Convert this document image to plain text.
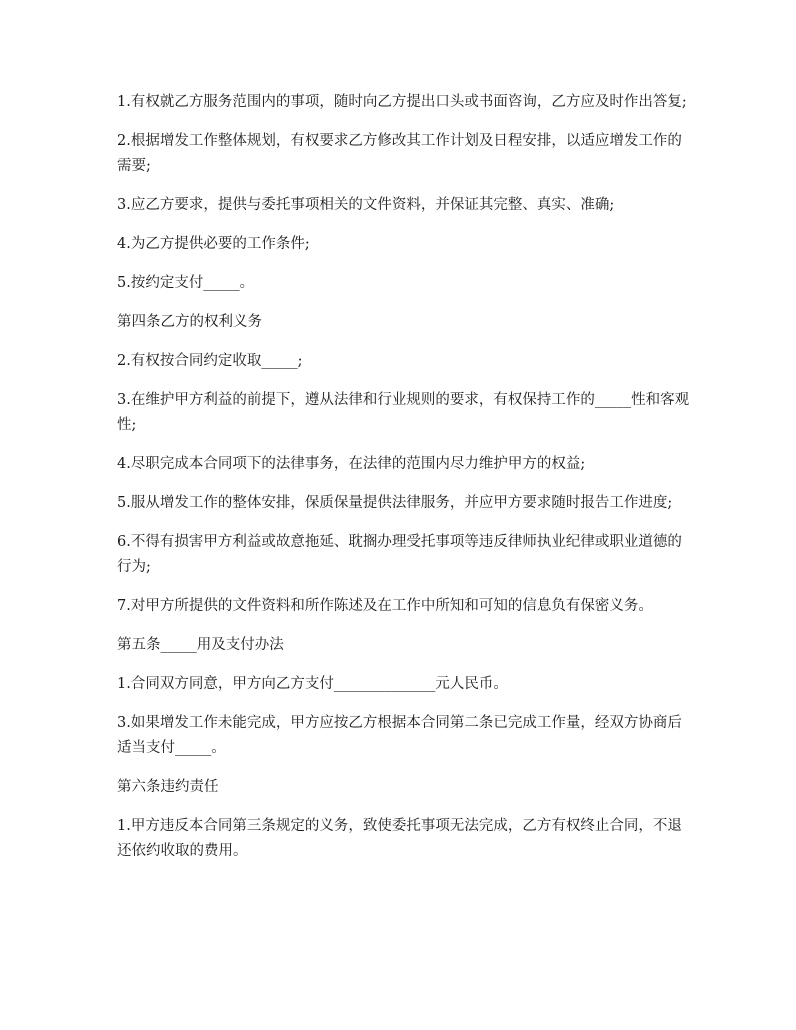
1.有权就乙方服务范围内的事项，随时向乙方提出口头或书面咨询，乙方应及时作出答复;

2.根据增发工作整体规划，有权要求乙方修改其工作计划及日程安排，以适应增发工作的需要;

3.应乙方要求，提供与委托事项相关的文件资料，并保证其完整、真实、准确;

4.为乙方提供必要的工作条件;

5.按约定支付_____。

第四条乙方的权利义务

2.有权按合同约定收取_____;

3.在维护甲方利益的前提下，遵从法律和行业规则的要求，有权保持工作的_____性和客观性;

4.尽职完成本合同项下的法律事务，在法律的范围内尽力维护甲方的权益;

5.服从增发工作的整体安排，保质保量提供法律服务，并应甲方要求随时报告工作进度;

6.不得有损害甲方利益或故意拖延、耽搁办理受托事项等违反律师执业纪律或职业道德的行为;

7.对甲方所提供的文件资料和所作陈述及在工作中所知和可知的信息负有保密义务。

第五条_____用及支付办法

1.合同双方同意，甲方向乙方支付______________元人民币。

3.如果增发工作未能完成，甲方应按乙方根据本合同第二条已完成工作量，经双方协商后适当支付_____。

第六条违约责任

1.甲方违反本合同第三条规定的义务，致使委托事项无法完成，乙方有权终止合同，不退还依约收取的费用。
